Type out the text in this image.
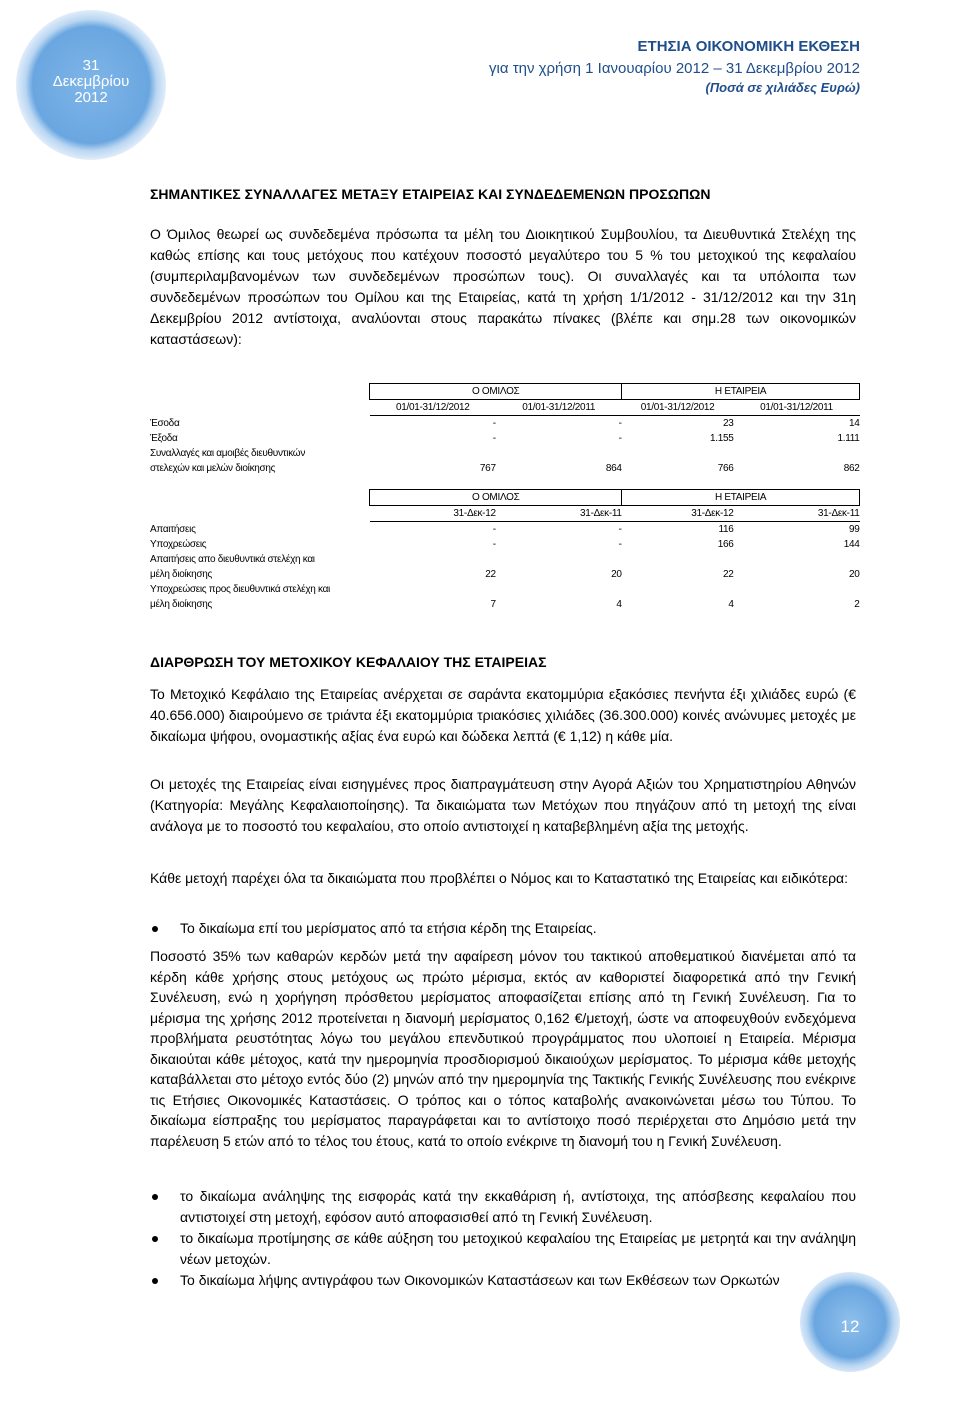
31
Δεκεμβρίου
2012
ΕΤΗΣΙΑ ΟΙΚΟΝΟΜΙΚΗ ΕΚΘΕΣΗ
για την χρήση 1 Ιανουαρίου 2012 – 31 Δεκεμβρίου 2012
(Ποσά σε χιλιάδες Ευρώ)
ΣΗΜΑΝΤΙΚΕΣ ΣΥΝΑΛΛΑΓΕΣ ΜΕΤΑΞΥ ΕΤΑΙΡΕΙΑΣ ΚΑΙ ΣΥΝΔΕΔΕΜΕΝΩΝ ΠΡΟΣΩΠΩΝ
Ο Όμιλος θεωρεί ως συνδεδεμένα πρόσωπα τα μέλη του Διοικητικού Συμβουλίου, τα Διευθυντικά Στελέχη της καθώς επίσης και τους μετόχους που κατέχουν ποσοστό μεγαλύτερο του 5 % του μετοχικού της κεφαλαίου (συμπεριλαμβανομένων των συνδεδεμένων προσώπων τους). Οι συναλλαγές και τα υπόλοιπα των συνδεδεμένων προσώπων του Ομίλου και της Εταιρείας, κατά τη χρήση 1/1/2012 - 31/12/2012 και την 31η Δεκεμβρίου 2012 αντίστοιχα, αναλύονται στους παρακάτω πίνακες (βλέπε και σημ.28 των οικονομικών καταστάσεων):
	Ο ΟΜΙΛΟΣ		Η ΕΤΑΙΡΕΙΑ	
	01/01-31/12/2012	01/01-31/12/2011	01/01-31/12/2012	01/01-31/12/2011
Έσοδα	-	-	23	14
Έξοδα	-	-	1.155	1.111
Συναλλαγές και αμοιβές διευθυντικών				
στελεχών και μελών διοίκησης	767	864	766	862
	Ο ΟΜΙΛΟΣ		Η ΕΤΑΙΡΕΙΑ	
	31-Δεκ-12	31-Δεκ-11	31-Δεκ-12	31-Δεκ-11
Απαιτήσεις	-	-	116	99
Υποχρεώσεις	-	-	166	144
Απαιτήσεις απο διευθυντικά στελέχη και				
μέλη διοίκησης	22	20	22	20
Υποχρεώσεις προς διευθυντικά στελέχη και				
μέλη διοίκησης	7	4	4	2
ΔΙΑΡΘΡΩΣΗ ΤΟΥ ΜΕΤΟΧΙΚΟΥ ΚΕΦΑΛΑΙΟΥ ΤΗΣ ΕΤΑΙΡΕΙΑΣ
Το Μετοχικό Κεφάλαιο της Εταιρείας ανέρχεται σε σαράντα εκατομμύρια εξακόσιες πενήντα έξι χιλιάδες ευρώ (€ 40.656.000) διαιρούμενο σε τριάντα έξι εκατομμύρια τριακόσιες χιλιάδες (36.300.000) κοινές ανώνυμες μετοχές με δικαίωμα ψήφου, ονομαστικής αξίας ένα ευρώ και δώδεκα λεπτά (€ 1,12) η κάθε μία.
Οι μετοχές της Εταιρείας είναι εισηγμένες προς διαπραγμάτευση στην Αγορά Αξιών του Χρηματιστηρίου Αθηνών (Κατηγορία: Μεγάλης Κεφαλαιοποίησης). Τα δικαιώματα των Μετόχων που πηγάζουν από τη μετοχή της είναι ανάλογα με το ποσοστό του κεφαλαίου, στο οποίο αντιστοιχεί η καταβεβλημένη αξία της μετοχής.
Κάθε μετοχή παρέχει όλα τα δικαιώματα που προβλέπει ο Νόμος και το Καταστατικό της Εταιρείας και ειδικότερα:
Το δικαίωμα επί του μερίσματος από τα ετήσια κέρδη της Εταιρείας.
Ποσοστό 35% των καθαρών κερδών μετά την αφαίρεση μόνον του τακτικού αποθεματικού διανέμεται από τα κέρδη κάθε χρήσης στους μετόχους ως πρώτο μέρισμα, εκτός αν καθοριστεί διαφορετικά από την Γενική Συνέλευση, ενώ η χορήγηση πρόσθετου μερίσματος αποφασίζεται επίσης από τη Γενική Συνέλευση. Για το μέρισμα της χρήσης 2012 προτείνεται η διανομή μερίσματος 0,162 €/μετοχή, ώστε να αποφευχθούν ενδεχόμενα προβλήματα ρευστότητας λόγω του μεγάλου επενδυτικού προγράμματος που υλοποιεί η Εταιρεία. Μέρισμα δικαιούται κάθε μέτοχος, κατά την ημερομηνία προσδιορισμού δικαιούχων μερίσματος. Το μέρισμα κάθε μετοχής καταβάλλεται στο μέτοχο εντός δύο (2) μηνών από την ημερομηνία της Τακτικής Γενικής Συνέλευσης που ενέκρινε τις Ετήσιες Οικονομικές Καταστάσεις. Ο τρόπος και ο τόπος καταβολής ανακοινώνεται μέσω του Τύπου. Το δικαίωμα είσπραξης του μερίσματος παραγράφεται και το αντίστοιχο ποσό περιέρχεται στο Δημόσιο μετά την παρέλευση 5 ετών από το τέλος του έτους, κατά το οποίο ενέκρινε τη διανομή του η Γενική Συνέλευση.
το δικαίωμα ανάληψης της εισφοράς κατά την εκκαθάριση ή, αντίστοιχα, της απόσβεσης κεφαλαίου που αντιστοιχεί στη μετοχή, εφόσον αυτό αποφασισθεί από τη Γενική Συνέλευση.
το δικαίωμα προτίμησης σε κάθε αύξηση του μετοχικού κεφαλαίου της Εταιρείας με μετρητά και την ανάληψη νέων μετοχών.
Το δικαίωμα λήψης αντιγράφου των Οικονομικών Καταστάσεων και των Εκθέσεων των Ορκωτών
12
